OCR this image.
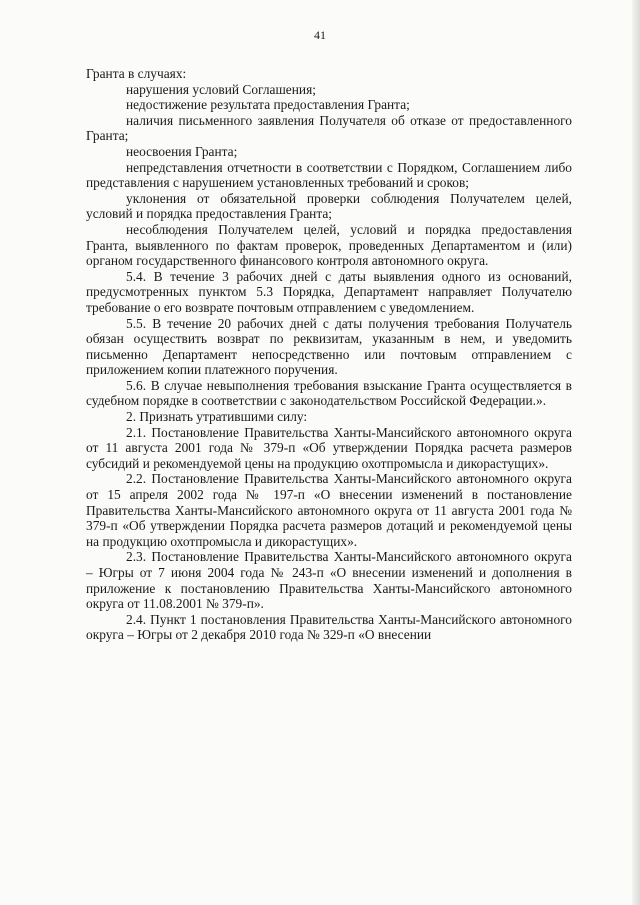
41

Гранта в случаях:

нарушения условий Соглашения;

недостижение результата предоставления Гранта;

наличия письменного заявления Получателя об отказе от предоставленного Гранта;

неосвоения Гранта;

непредставления отчетности в соответствии с Порядком, Соглашением либо представления с нарушением установленных требований и сроков;

уклонения от обязательной проверки соблюдения Получателем целей, условий и порядка предоставления Гранта;

несоблюдения Получателем целей, условий и порядка предоставления Гранта, выявленного по фактам проверок, проведенных Департаментом и (или) органом государственного финансового контроля автономного округа.

5.4. В течение 3 рабочих дней с даты выявления одного из оснований, предусмотренных пунктом 5.3 Порядка, Департамент направляет Получателю требование о его возврате почтовым отправлением с уведомлением.

5.5. В течение 20 рабочих дней с даты получения требования Получатель обязан осуществить возврат по реквизитам, указанным в нем, и уведомить письменно Департамент непосредственно или почтовым отправлением с приложением копии платежного поручения.

5.6. В случае невыполнения требования взыскание Гранта осуществляется в судебном порядке в соответствии с законодательством Российской Федерации.».

2. Признать утратившими силу:

2.1. Постановление Правительства Ханты-Мансийского автономного округа от 11 августа 2001 года № 379-п «Об утверждении Порядка расчета размеров субсидий и рекомендуемой цены на продукцию охотпромысла и дикорастущих».

2.2. Постановление Правительства Ханты-Мансийского автономного округа от 15 апреля 2002 года № 197-п «О внесении изменений в постановление Правительства Ханты-Мансийского автономного округа от 11 августа 2001 года № 379-п «Об утверждении Порядка расчета размеров дотаций и рекомендуемой цены на продукцию охотпромысла и дикорастущих».

2.3. Постановление Правительства Ханты-Мансийского автономного округа – Югры от 7 июня 2004 года № 243-п «О внесении изменений и дополнения в приложение к постановлению Правительства Ханты-Мансийского автономного округа от 11.08.2001 № 379-п».

2.4. Пункт 1 постановления Правительства Ханты-Мансийского автономного округа – Югры от 2 декабря 2010 года № 329-п «О внесении
